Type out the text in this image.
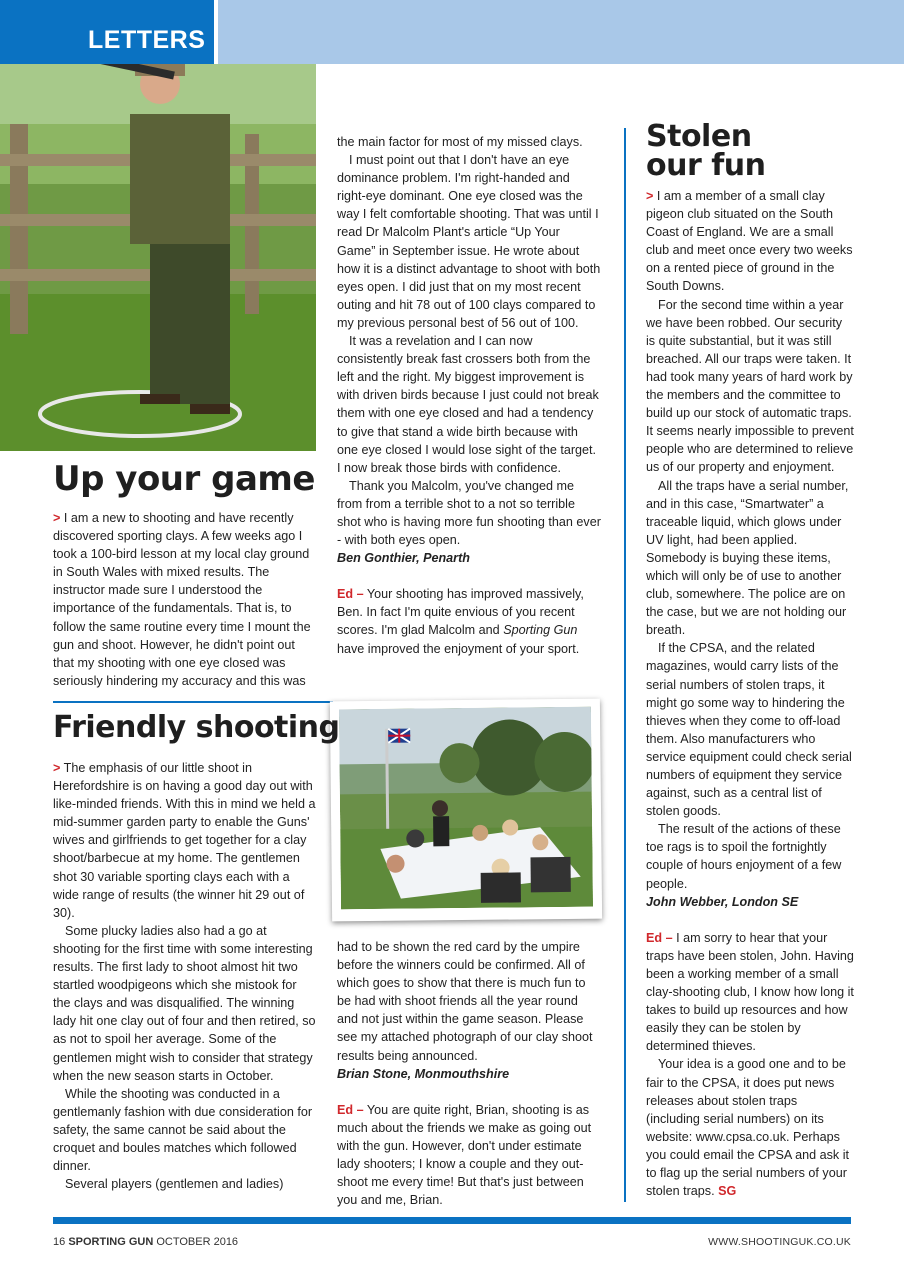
LETTERS
Up your game

> I am a new to shooting and have recently discovered sporting clays. A few weeks ago I took a 100-bird lesson at my local clay ground in South Wales with mixed results. The instructor made sure I understood the importance of the fundamentals. That is, to follow the same routine every time I mount the gun and shoot. However, he didn't point out that my shooting with one eye closed was seriously hindering my accuracy and this was

the main factor for most of my missed clays.

I must point out that I don't have an eye dominance problem. I'm right-handed and right-eye dominant. One eye closed was the way I felt comfortable shooting. That was until I read Dr Malcolm Plant's article “Up Your Game” in September issue. He wrote about how it is a distinct advantage to shoot with both eyes open. I did just that on my most recent outing and hit 78 out of 100 clays compared to my previous personal best of 56 out of 100.

It was a revelation and I can now consistently break fast crossers both from the left and the right. My biggest improvement is with driven birds because I just could not break them with one eye closed and had a tendency to give that stand a wide birth because with one eye closed I would lose sight of the target. I now break those birds with confidence.

Thank you Malcolm, you've changed me from from a terrible shot to a not so terrible shot who is having more fun shooting than ever - with both eyes open.

Ben Gonthier, Penarth

Ed – Your shooting has improved massively, Ben. In fact I'm quite envious of you recent scores. I'm glad Malcolm and Sporting Gun have improved the enjoyment of your sport.

Friendly shooting

> The emphasis of our little shoot in Herefordshire is on having a good day out with like-minded friends. With this in mind we held a mid-summer garden party to enable the Guns' wives and girlfriends to get together for a clay shoot/barbecue at my home. The gentlemen shot 30 variable sporting clays each with a wide range of results (the winner hit 29 out of 30).

Some plucky ladies also had a go at shooting for the first time with some interesting results. The first lady to shoot almost hit two startled woodpigeons which she mistook for the clays and was disqualified. The winning lady hit one clay out of four and then retired, so as not to spoil her average. Some of the gentlemen might wish to consider that strategy when the new season starts in October.

While the shooting was conducted in a gentlemanly fashion with due consideration for safety, the same cannot be said about the croquet and boules matches which followed dinner.

Several players (gentlemen and ladies)

had to be shown the red card by the umpire before the winners could be confirmed. All of which goes to show that there is much fun to be had with shoot friends all the year round and not just within the game season. Please see my attached photograph of our clay shoot results being announced.

Brian Stone, Monmouthshire

Ed – You are quite right, Brian, shooting is as much about the friends we make as going out with the gun. However, don't under estimate lady shooters; I know a couple and they out-shoot me every time! But that's just between you and me, Brian.

Stolen
our fun

> I am a member of a small clay pigeon club situated on the South Coast of England. We are a small club and meet once every two weeks on a rented piece of ground in the South Downs.

For the second time within a year we have been robbed. Our security is quite substantial, but it was still breached. All our traps were taken. It had took many years of hard work by the members and the committee to build up our stock of automatic traps. It seems nearly impossible to prevent people who are determined to relieve us of our property and enjoyment.

All the traps have a serial number, and in this case, “Smartwater” a traceable liquid, which glows under UV light, had been applied. Somebody is buying these items, which will only be of use to another club, somewhere. The police are on the case, but we are not holding our breath.

If the CPSA, and the related magazines, would carry lists of the serial numbers of stolen traps, it might go some way to hindering the thieves when they come to off-load them. Also manufacturers who service equipment could check serial numbers of equipment they service against, such as a central list of stolen goods.

The result of the actions of these toe rags is to spoil the fortnightly couple of hours enjoyment of a few people.

John Webber, London SE

Ed – I am sorry to hear that your traps have been stolen, John. Having been a working member of a small clay-shooting club, I know how long it takes to build up resources and how easily they can be stolen by determined thieves.

Your idea is a good one and to be fair to the CPSA, it does put news releases about stolen traps (including serial numbers) on its website: www.cpsa.co.uk. Perhaps you could email the CPSA and ask it to flag up the serial numbers of your stolen traps. SG

16 SPORTING GUN OCTOBER 2016	WWW.SHOOTINGUK.CO.UK
